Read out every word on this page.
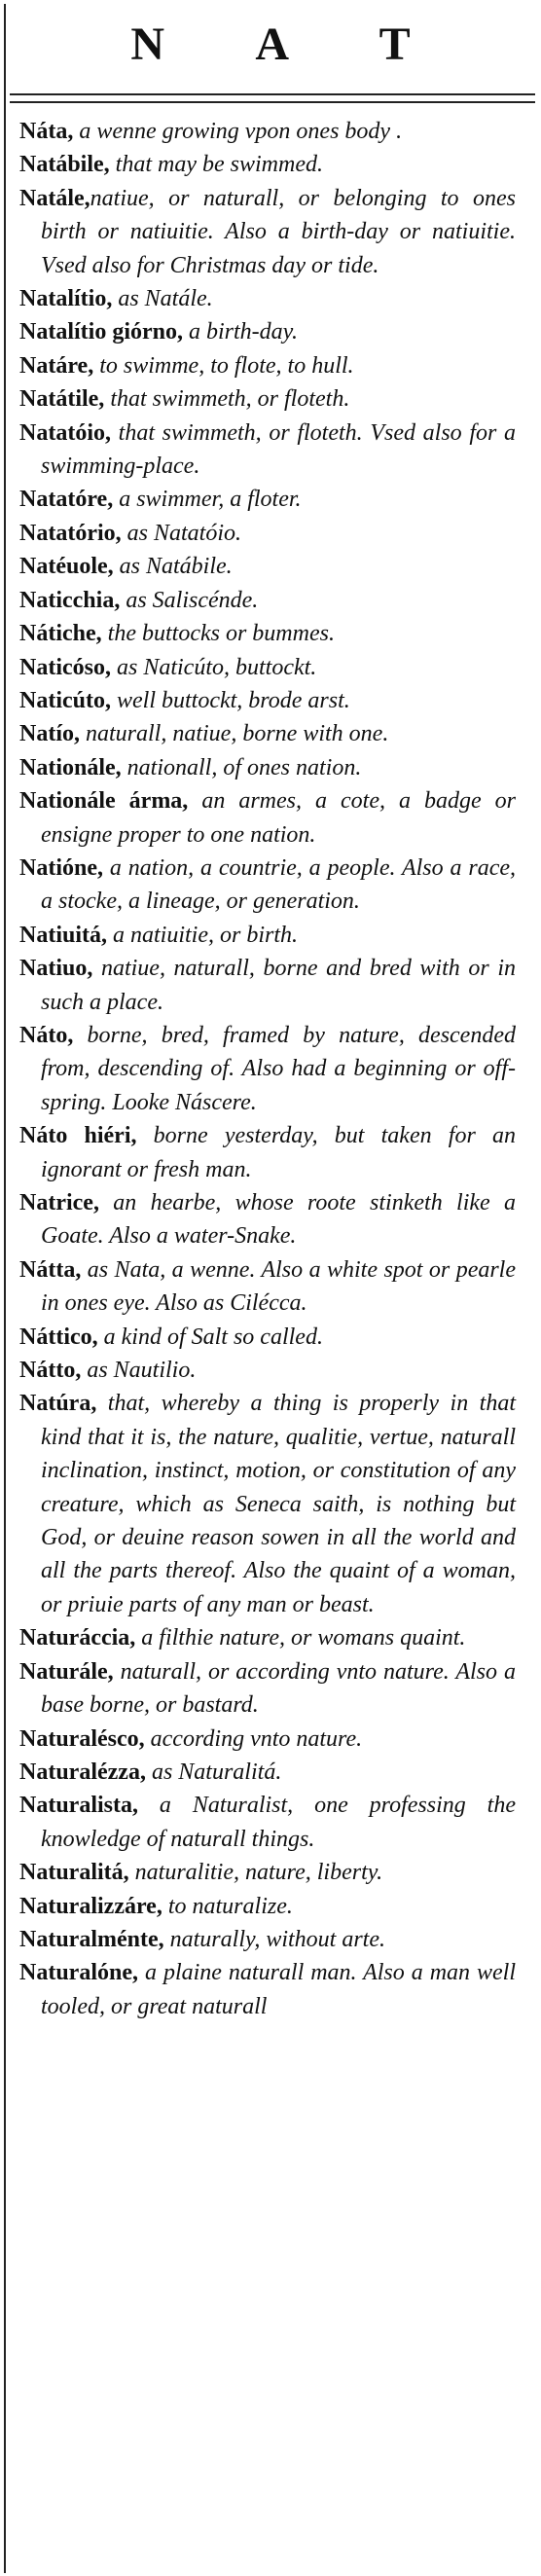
N A T

Náta, a wenne growing vpon ones body .

Natábile, that may be swimmed.

Natále,natiue, or naturall, or belonging to ones birth or natiuitie. Also a birth-day or natiuitie. Vsed also for Christmas day or tide.

Natalítio, as Natále.

Natalítio giórno, a birth-day.

Natáre, to swimme, to flote, to hull.

Natátile, that swimmeth, or floteth.

Natatóio, that swimmeth, or floteth. Vsed also for a swimming-place.

Natatóre, a swimmer, a floter.

Natatório, as Natatóio.

Natéuole, as Natábile.

Naticchia, as Saliscénde.

Nátiche, the buttocks or bummes.

Naticóso, as Naticúto, buttockt.

Naticúto, well buttockt, brode arst.

Natío, naturall, natiue, borne with one.

Nationále, nationall, of ones nation.

Nationále árma, an armes, a cote, a badge or ensigne proper to one nation.

Natióne, a nation, a countrie, a people. Also a race, a stocke, a lineage, or generation.

Natiuitá, a natiuitie, or birth.

Natiuo, natiue, naturall, borne and bred with or in such a place.

Náto, borne, bred, framed by nature, descended from, descending of. Also had a beginning or off-spring. Looke Náscere.

Náto hiéri, borne yesterday, but taken for an ignorant or fresh man.

Natrice, an hearbe, whose roote stinketh like a Goate. Also a water-Snake.

Nátta, as Nata, a wenne. Also a white spot or pearle in ones eye. Also as Cilécca.

Náttico, a kind of Salt so called.

Nátto, as Nautilio.

Natúra, that, whereby a thing is properly in that kind that it is, the nature, qualitie, vertue, naturall inclination, instinct, motion, or constitution of any creature, which as Seneca saith, is nothing but God, or deuine reason sowen in all the world and all the parts thereof. Also the quaint of a woman, or priuie parts of any man or beast.

Naturáccia, a filthie nature, or womans quaint.

Naturále, naturall, or according vnto nature. Also a base borne, or bastard.

Naturalésco, according vnto nature.

Naturalézza, as Naturalitá.

Naturalista, a Naturalist, one professing the knowledge of naturall things.

Naturalitá, naturalitie, nature, liberty.

Naturalizzáre, to naturalize.

Naturalménte, naturally, without arte.

Naturalóne, a plaine naturall man. Also a man well tooled, or great naturall
